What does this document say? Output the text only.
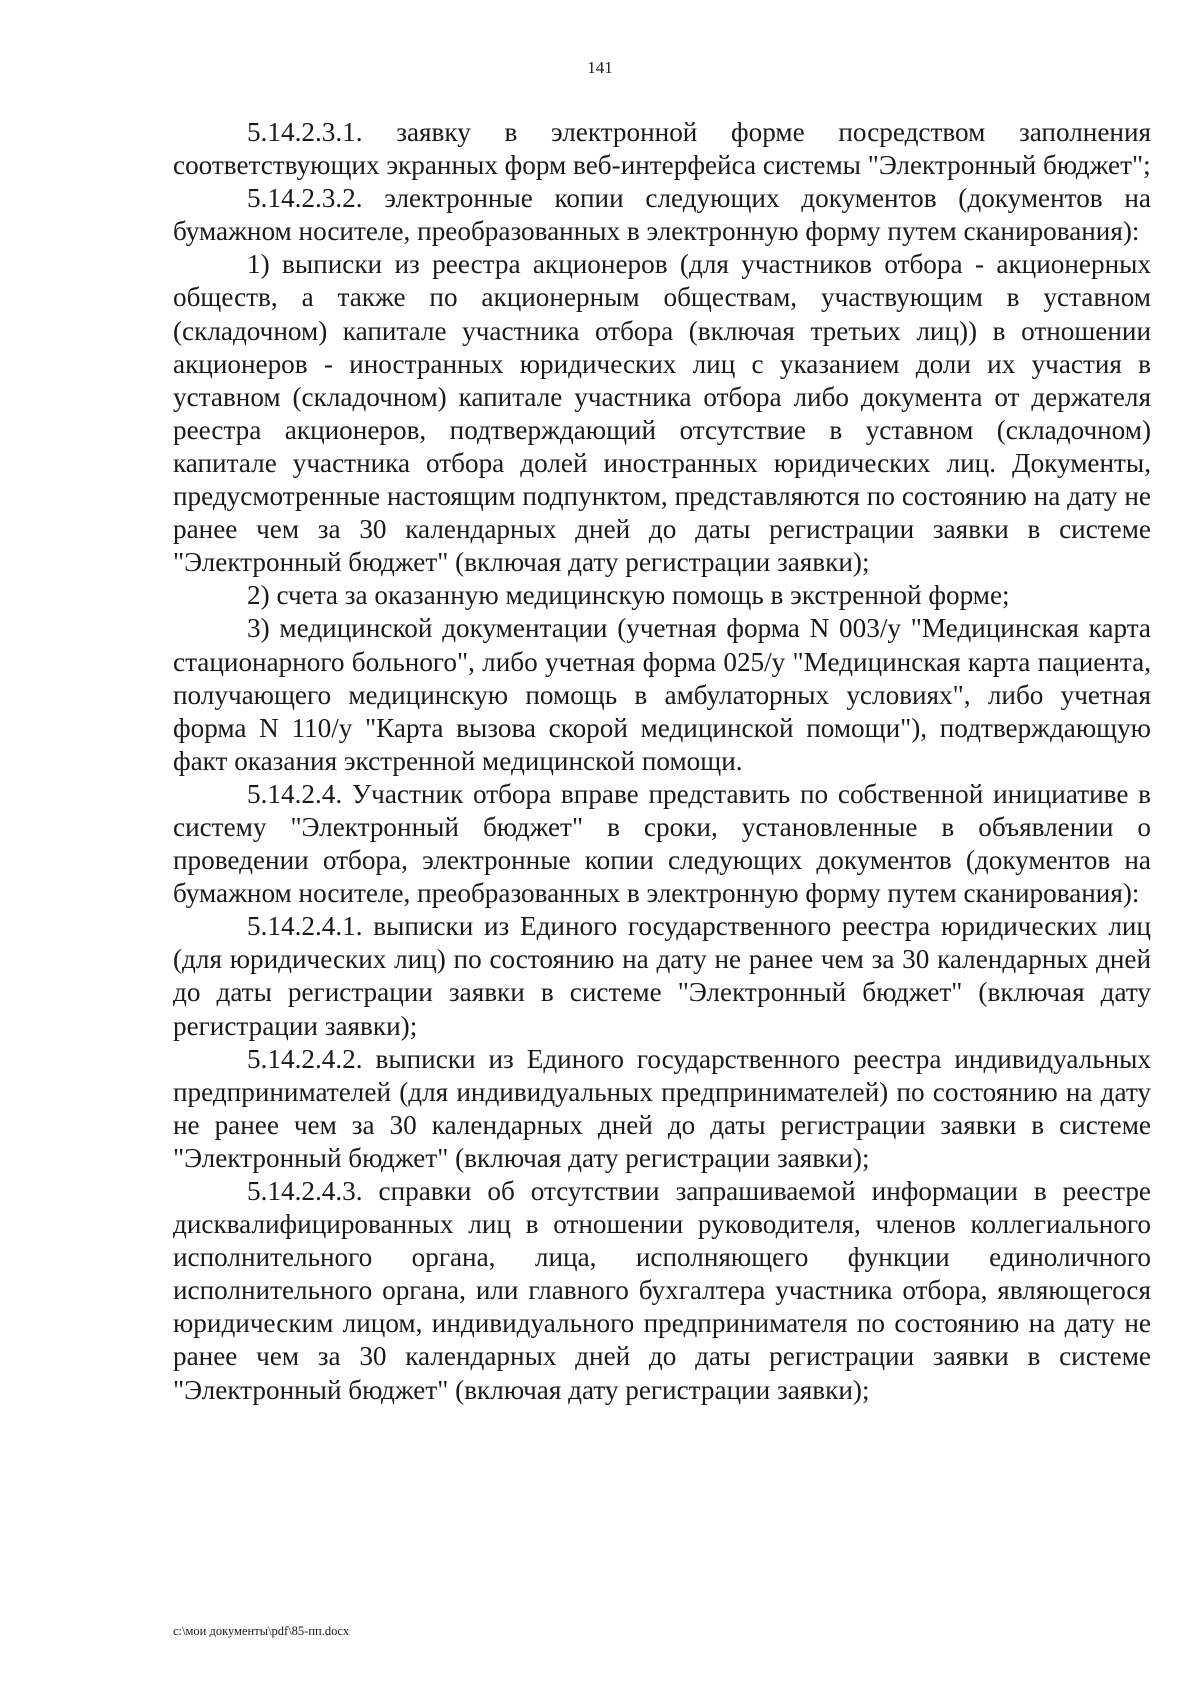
141

5.14.2.3.1. заявку в электронной форме посредством заполнения соответствующих экранных форм веб-интерфейса системы "Электронный бюджет";

5.14.2.3.2. электронные копии следующих документов (документов на бумажном носителе, преобразованных в электронную форму путем сканирования):

1) выписки из реестра акционеров (для участников отбора - акционерных обществ, а также по акционерным обществам, участвующим в уставном (складочном) капитале участника отбора (включая третьих лиц)) в отношении акционеров - иностранных юридических лиц с указанием доли их участия в уставном (складочном) капитале участника отбора либо документа от держателя реестра акционеров, подтверждающий отсутствие в уставном (складочном) капитале участника отбора долей иностранных юридических лиц. Документы, предусмотренные настоящим подпунктом, представляются по состоянию на дату не ранее чем за 30 календарных дней до даты регистрации заявки в системе "Электронный бюджет" (включая дату регистрации заявки);

2) счета за оказанную медицинскую помощь в экстренной форме;

3) медицинской документации (учетная форма N 003/у "Медицинская карта стационарного больного", либо учетная форма 025/у "Медицинская карта пациента, получающего медицинскую помощь в амбулаторных условиях", либо учетная форма N 110/у "Карта вызова скорой медицинской помощи"), подтверждающую факт оказания экстренной медицинской помощи.

5.14.2.4. Участник отбора вправе представить по собственной инициативе в систему "Электронный бюджет" в сроки, установленные в объявлении о проведении отбора, электронные копии следующих документов (документов на бумажном носителе, преобразованных в электронную форму путем сканирования):

5.14.2.4.1. выписки из Единого государственного реестра юридических лиц (для юридических лиц) по состоянию на дату не ранее чем за 30 календарных дней до даты регистрации заявки в системе "Электронный бюджет" (включая дату регистрации заявки);

5.14.2.4.2. выписки из Единого государственного реестра индивидуальных предпринимателей (для индивидуальных предпринимателей) по состоянию на дату не ранее чем за 30 календарных дней до даты регистрации заявки в системе "Электронный бюджет" (включая дату регистрации заявки);

5.14.2.4.3. справки об отсутствии запрашиваемой информации в реестре дисквалифицированных лиц в отношении руководителя, членов коллегиального исполнительного органа, лица, исполняющего функции единоличного исполнительного органа, или главного бухгалтера участника отбора, являющегося юридическим лицом, индивидуального предпринимателя по состоянию на дату не ранее чем за 30 календарных дней до даты регистрации заявки в системе "Электронный бюджет" (включая дату регистрации заявки);

c:\мои документы\pdf\85-пп.docx
